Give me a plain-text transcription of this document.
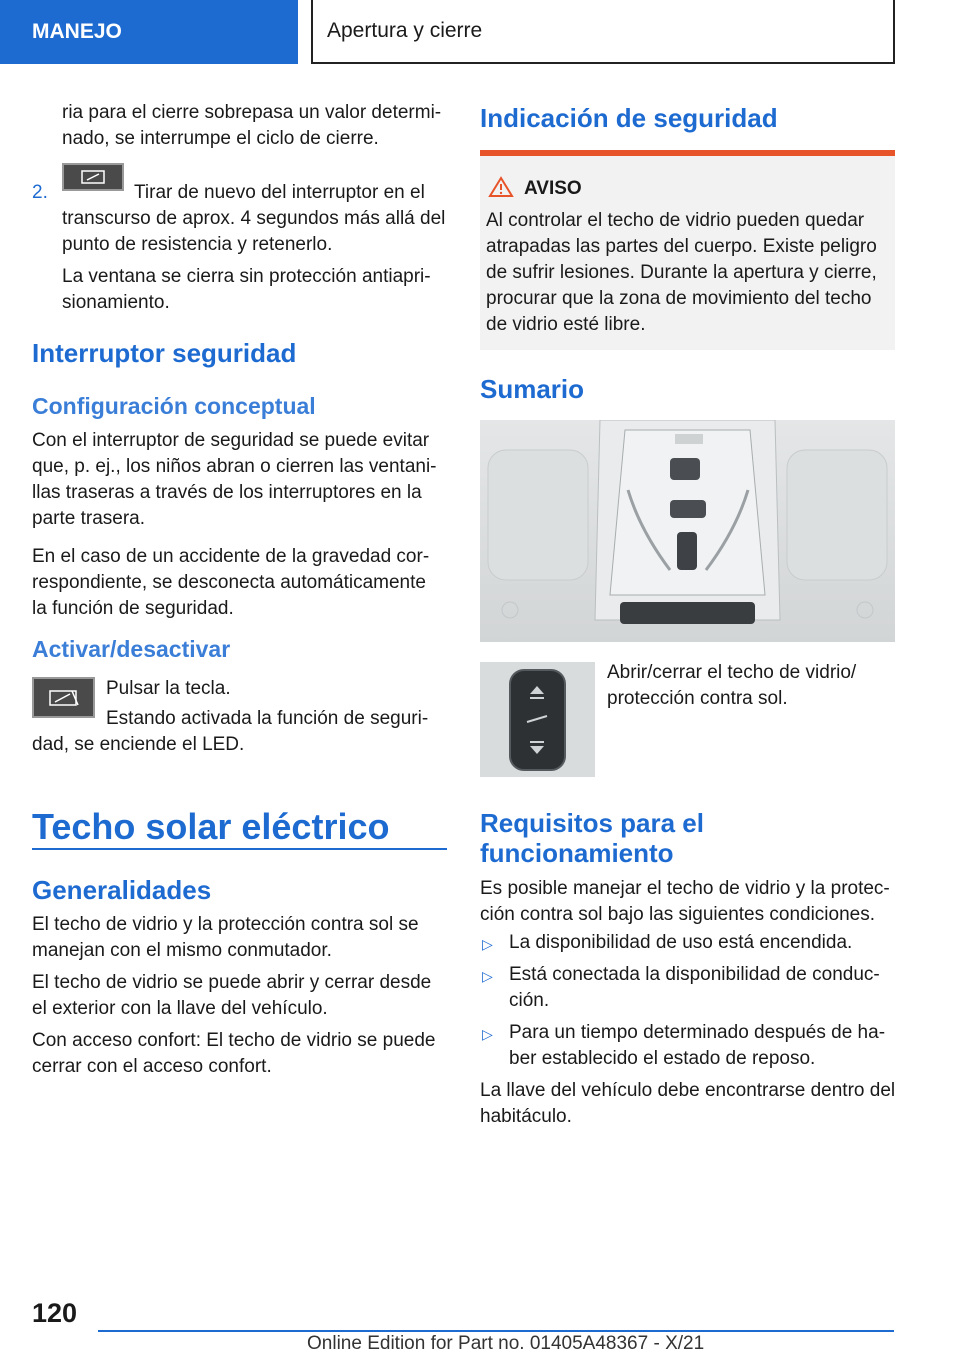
MANEJO	Apertura y cierre

ria para el cierre sobrepasa un valor determi-

nado, se interrumpe el ciclo de cierre.

2.	Tirar de nuevo del interruptor en el

transcurso de aprox. 4 segundos más allá del

punto de resistencia y retenerlo.

La ventana se cierra sin protección antiapri-

sionamiento.

Interruptor seguridad
Configuración conceptual

Con el interruptor de seguridad se puede evitar

que, p. ej., los niños abran o cierren las ventani-

llas traseras a través de los interruptores en la

parte trasera.

En el caso de un accidente de la gravedad cor-

respondiente, se desconecta automáticamente

la función de seguridad.

Activar/desactivar

Pulsar la tecla.

Estando activada la función de seguri-

dad, se enciende el LED.

Techo solar eléctrico
Generalidades

El techo de vidrio y la protección contra sol se

manejan con el mismo conmutador.

El techo de vidrio se puede abrir y cerrar desde

el exterior con la llave del vehículo.

Con acceso confort: El techo de vidrio se puede

cerrar con el acceso confort.

Indicación de seguridad
AVISO
Al controlar el techo de vidrio pueden quedar
atrapadas las partes del cuerpo. Existe peligro
de sufrir lesiones. Durante la apertura y cierre,
procurar que la zona de movimiento del techo
de vidrio esté libre.
Sumario

Abrir/cerrar el techo de vidrio/

protección contra sol.

Requisitos para el
funcionamiento

Es posible manejar el techo de vidrio y la protec-

ción contra sol bajo las siguientes condiciones.

▷ La disponibilidad de uso está encendida.

▷ Está conectada la disponibilidad de conduc-

ción.

▷ Para un tiempo determinado después de ha-

ber establecido el estado de reposo.

La llave del vehículo debe encontrarse dentro del

habitáculo.

120
Online Edition for Part no. 01405A48367 - X/21
